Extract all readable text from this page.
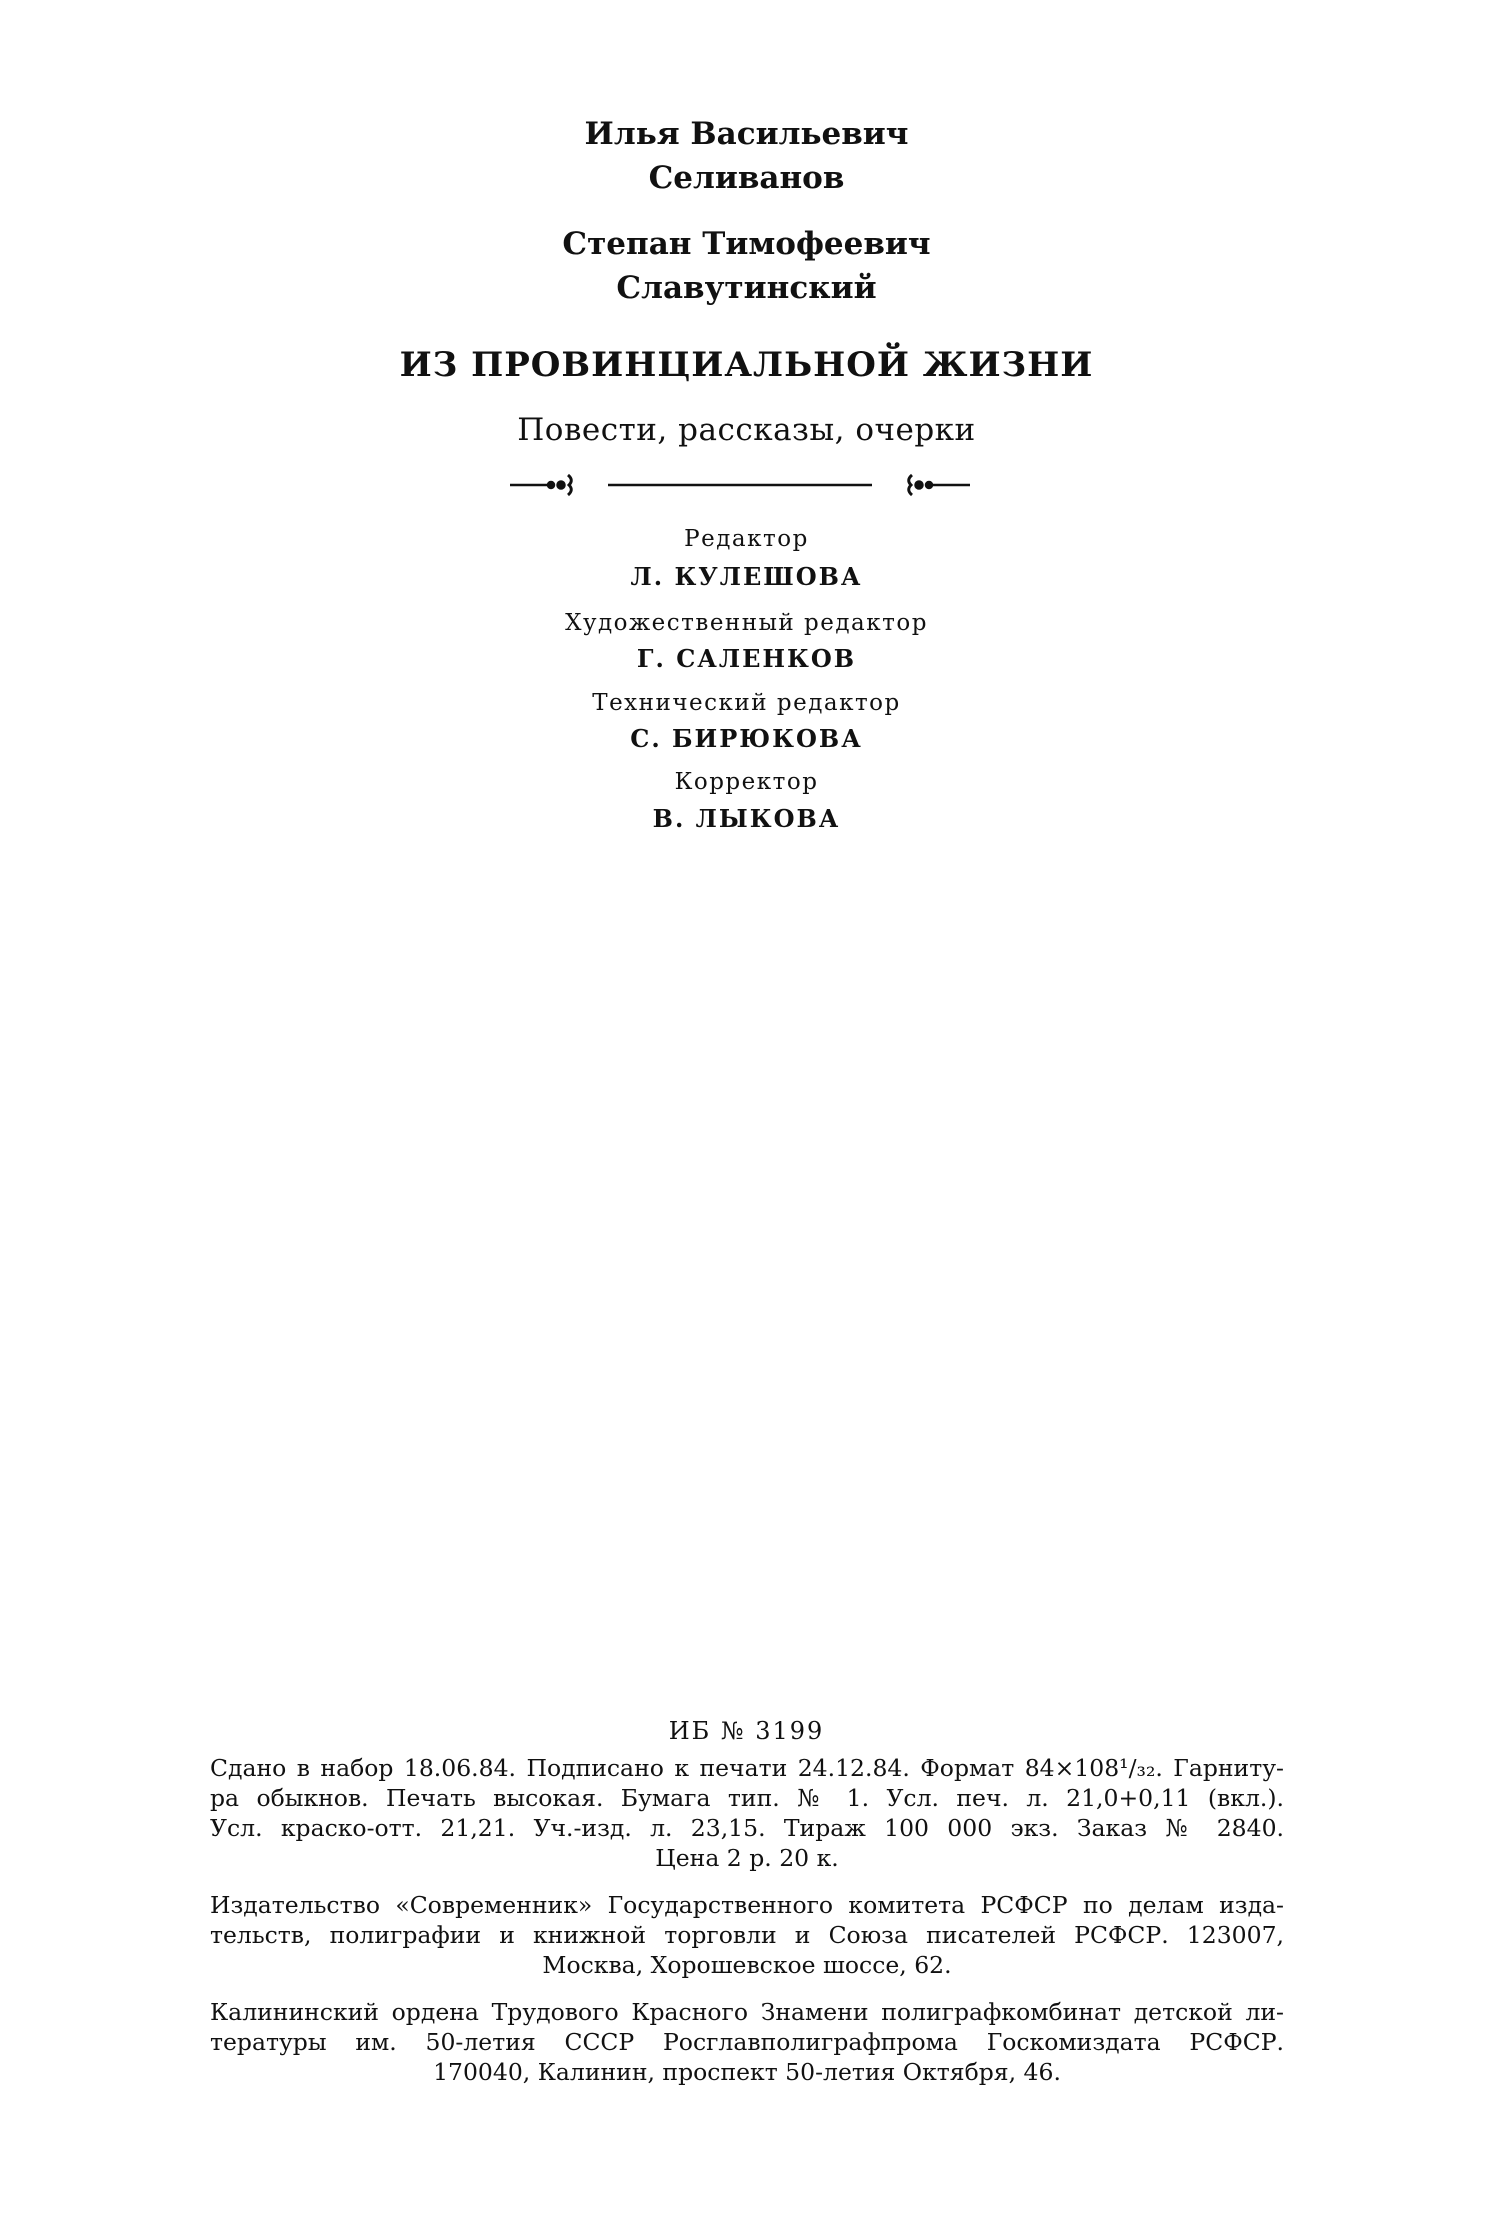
Илья Васильевич
Селиванов
Степан Тимофеевич
Славутинский
ИЗ ПРОВИНЦИАЛЬНОЙ ЖИЗНИ
Повести, рассказы, очерки
Редактор
Л. КУЛЕШОВА
Художественный редактор
Г. САЛЕНКОВ
Технический редактор
С. БИРЮКОВА
Корректор
В. ЛЫКОВА
ИБ № 3199
Сдано в набор 18.06.84. Подписано к печати 24.12.84. Формат 84×108¹/₃₂. Гарниту-
ра обыкнов. Печать высокая. Бумага тип. № 1. Усл. печ. л. 21,0+0,11 (вкл.).
Усл. краско-отт. 21,21. Уч.-изд. л. 23,15. Тираж 100 000 экз. Заказ № 2840.
Цена 2 р. 20 к.
Издательство «Современник» Государственного комитета РСФСР по делам изда-
тельств, полиграфии и книжной торговли и Союза писателей РСФСР. 123007,
Москва, Хорошевское шоссе, 62.
Калининский ордена Трудового Красного Знамени полиграфкомбинат детской ли-
тературы им. 50-летия СССР Росглавполиграфпрома Госкомиздата РСФСР.
170040, Калинин, проспект 50-летия Октября, 46.
